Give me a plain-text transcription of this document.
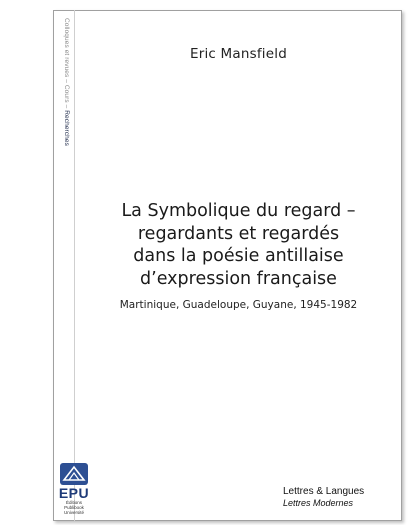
Colloques et revues – Cours – Recherches
Eric Mansfield
La Symbolique du regard –
regardants et regardés
dans la poésie antillaise
d’expression française
Martinique, Guadeloupe, Guyane, 1945-1982
EPU
Éditions Publibook
Université
Lettres & Langues
Lettres Modernes
